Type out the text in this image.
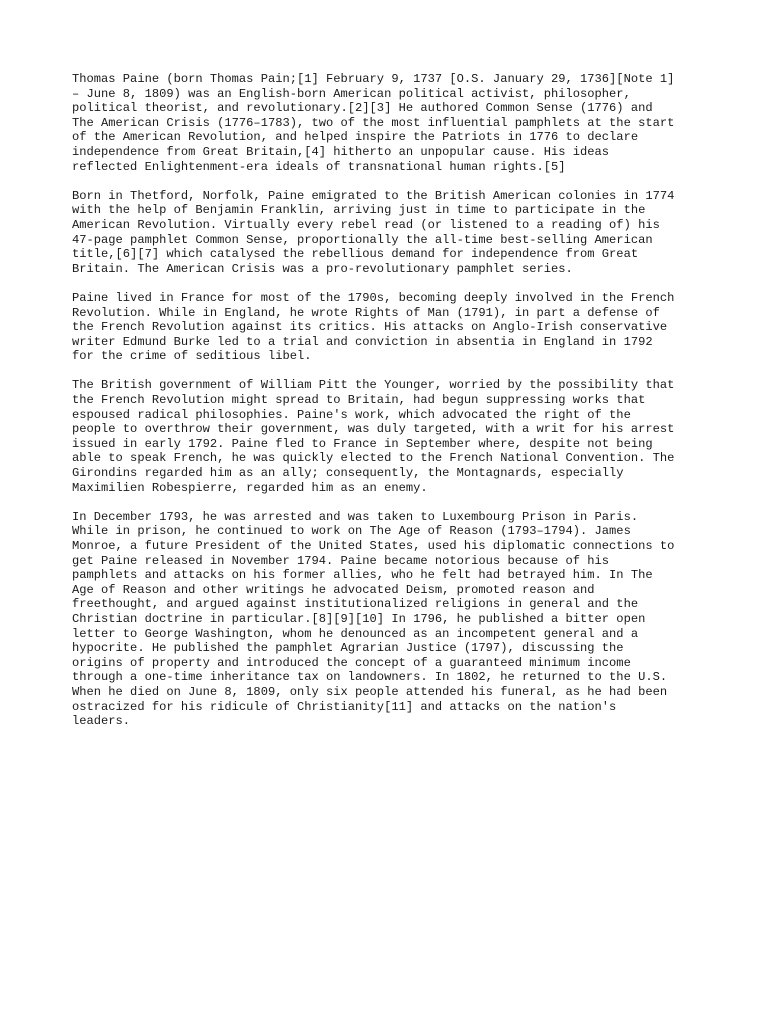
Thomas Paine (born Thomas Pain;[1] February 9, 1737 [O.S. January 29, 1736][Note 1]
– June 8, 1809) was an English-born American political activist, philosopher,
political theorist, and revolutionary.[2][3] He authored Common Sense (1776) and
The American Crisis (1776–1783), two of the most influential pamphlets at the start
of the American Revolution, and helped inspire the Patriots in 1776 to declare
independence from Great Britain,[4] hitherto an unpopular cause. His ideas
reflected Enlightenment-era ideals of transnational human rights.[5]

Born in Thetford, Norfolk, Paine emigrated to the British American colonies in 1774
with the help of Benjamin Franklin, arriving just in time to participate in the
American Revolution. Virtually every rebel read (or listened to a reading of) his
47-page pamphlet Common Sense, proportionally the all-time best-selling American
title,[6][7] which catalysed the rebellious demand for independence from Great
Britain. The American Crisis was a pro-revolutionary pamphlet series.

Paine lived in France for most of the 1790s, becoming deeply involved in the French
Revolution. While in England, he wrote Rights of Man (1791), in part a defense of
the French Revolution against its critics. His attacks on Anglo-Irish conservative
writer Edmund Burke led to a trial and conviction in absentia in England in 1792
for the crime of seditious libel.

The British government of William Pitt the Younger, worried by the possibility that
the French Revolution might spread to Britain, had begun suppressing works that
espoused radical philosophies. Paine's work, which advocated the right of the
people to overthrow their government, was duly targeted, with a writ for his arrest
issued in early 1792. Paine fled to France in September where, despite not being
able to speak French, he was quickly elected to the French National Convention. The
Girondins regarded him as an ally; consequently, the Montagnards, especially
Maximilien Robespierre, regarded him as an enemy.

In December 1793, he was arrested and was taken to Luxembourg Prison in Paris.
While in prison, he continued to work on The Age of Reason (1793–1794). James
Monroe, a future President of the United States, used his diplomatic connections to
get Paine released in November 1794. Paine became notorious because of his
pamphlets and attacks on his former allies, who he felt had betrayed him. In The
Age of Reason and other writings he advocated Deism, promoted reason and
freethought, and argued against institutionalized religions in general and the
Christian doctrine in particular.[8][9][10] In 1796, he published a bitter open
letter to George Washington, whom he denounced as an incompetent general and a
hypocrite. He published the pamphlet Agrarian Justice (1797), discussing the
origins of property and introduced the concept of a guaranteed minimum income
through a one-time inheritance tax on landowners. In 1802, he returned to the U.S.
When he died on June 8, 1809, only six people attended his funeral, as he had been
ostracized for his ridicule of Christianity[11] and attacks on the nation's
leaders.
